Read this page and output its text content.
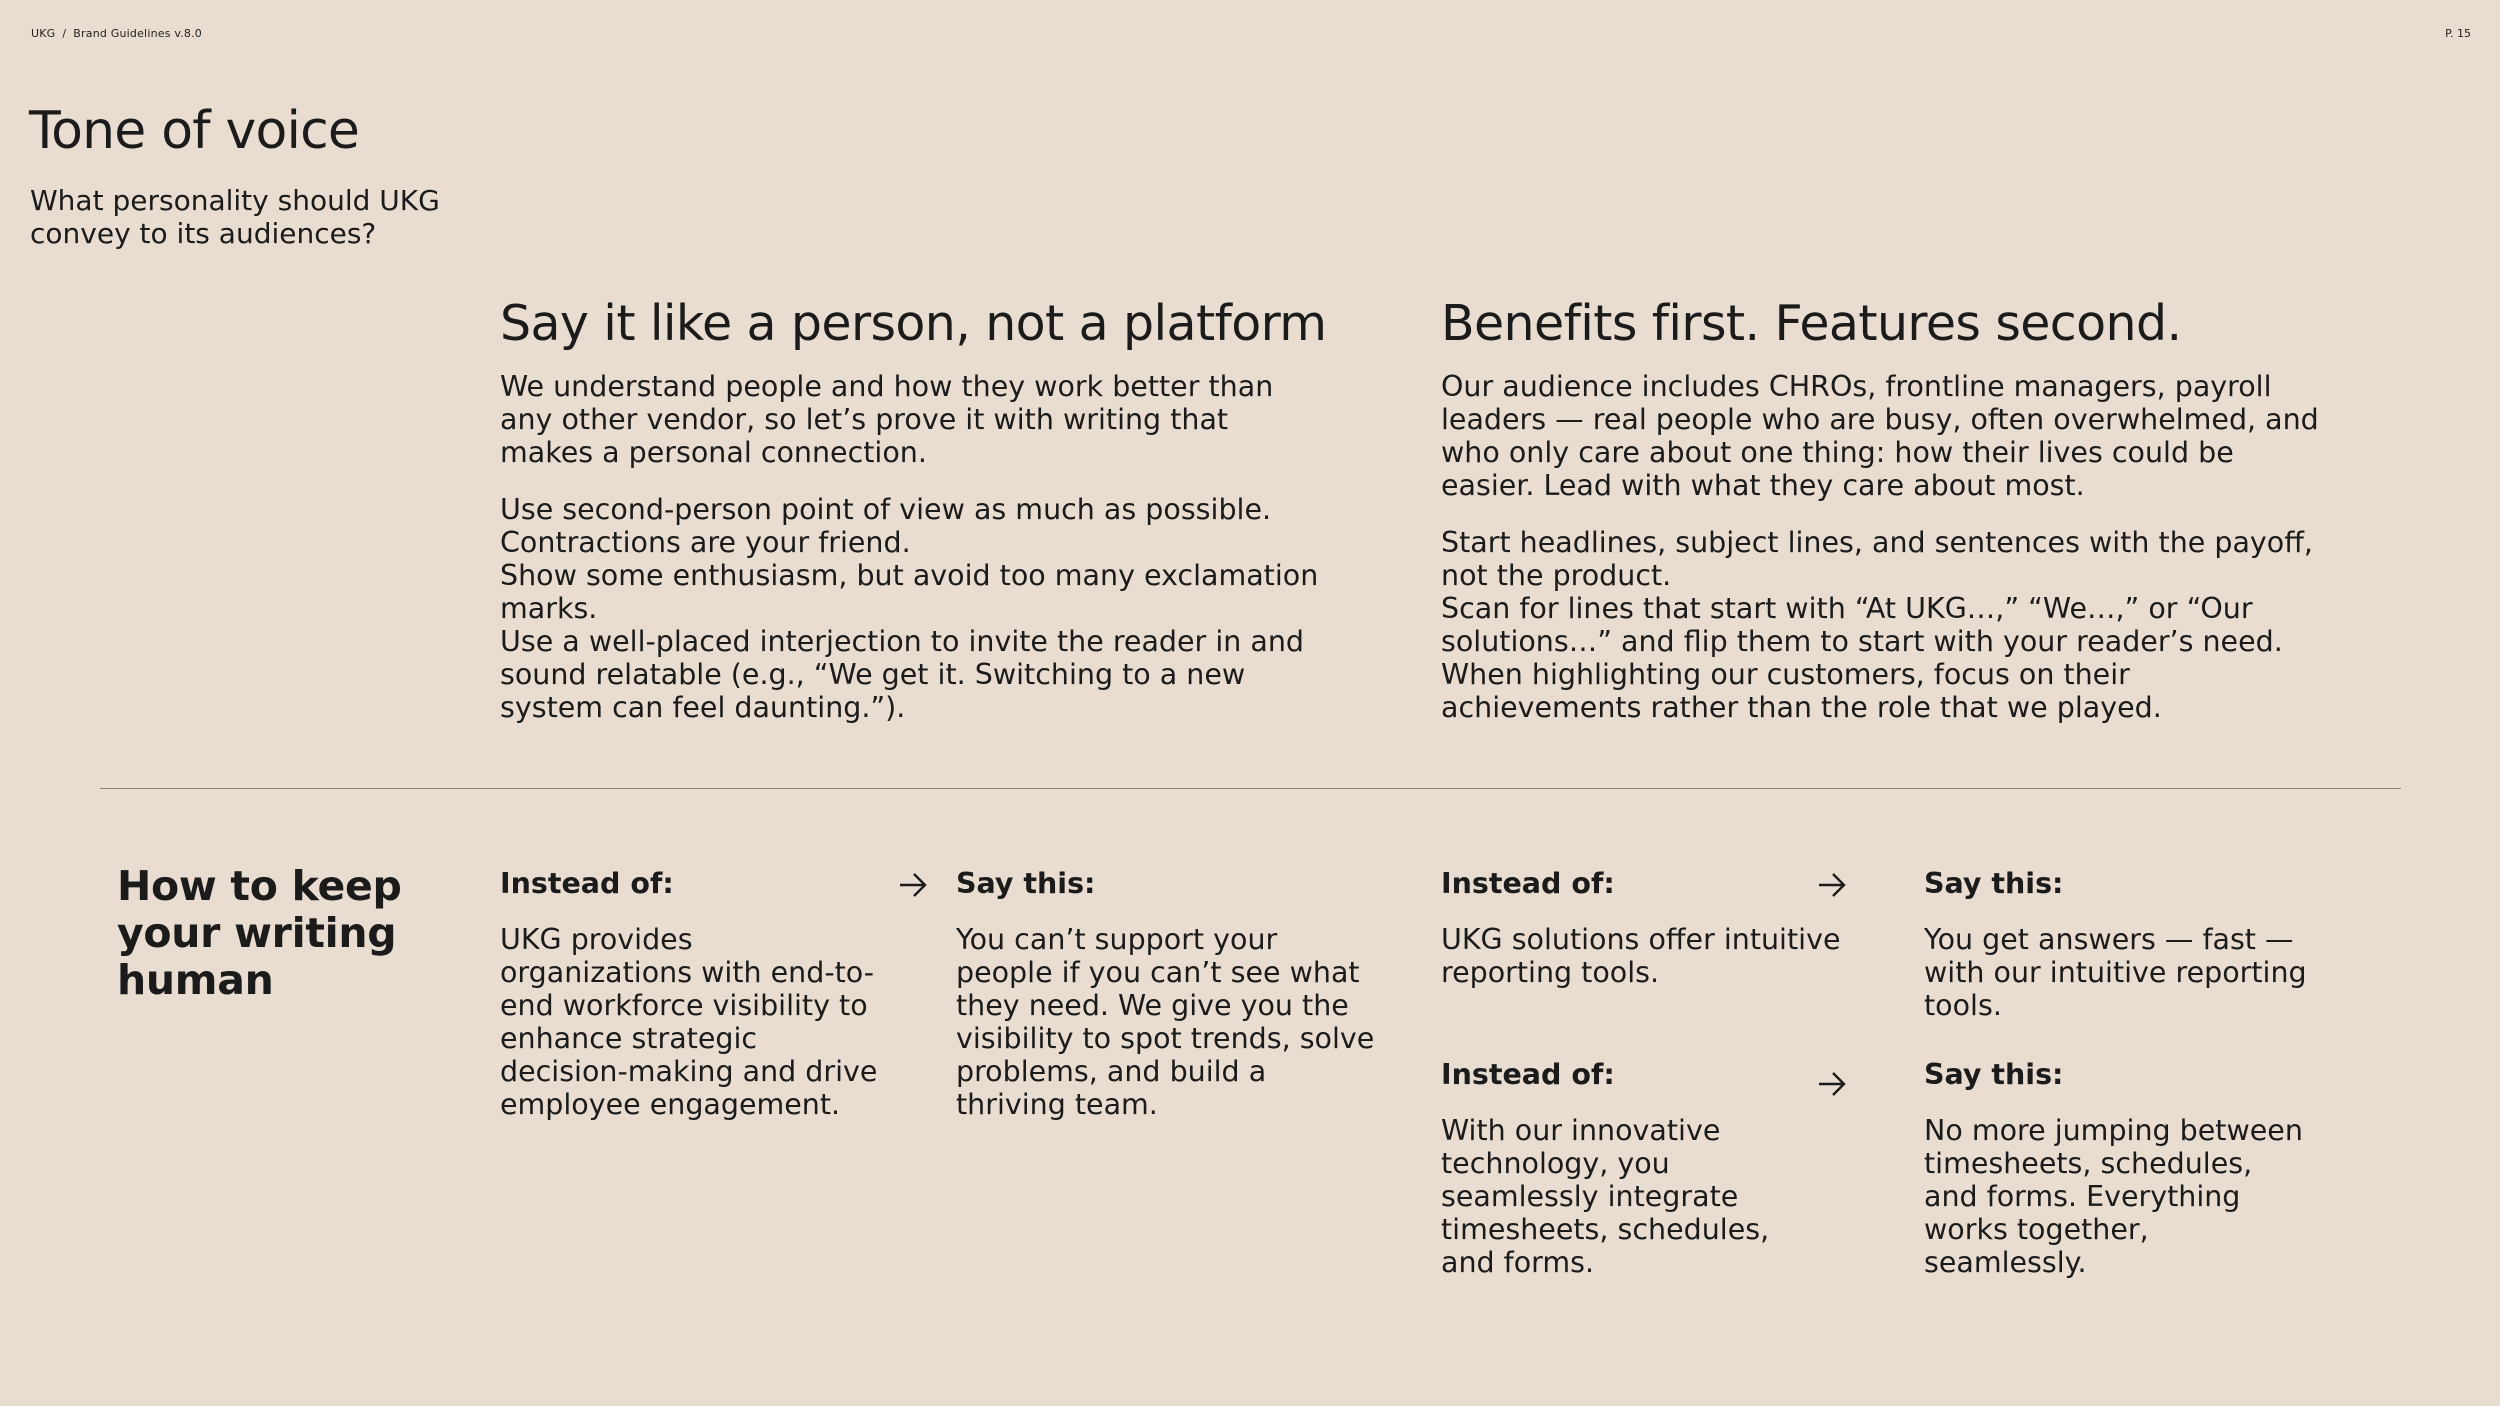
UKG / Brand Guidelines v.8.0	P. 15
Tone of voice

What personality should UKG convey to its audiences?

Say it like a person, not a platform

We understand people and how they work better than any other vendor, so let’s prove it with writing that makes a personal connection.

Use second-person point of view as much as possible.
Contractions are your friend.
Show some enthusiasm, but avoid too many exclamation marks.
Use a well-placed interjection to invite the reader in and sound relatable (e.g., “We get it. Switching to a new system can feel daunting.”).

Benefits first. Features second.

Our audience includes CHROs, frontline managers, payroll leaders — real people who are busy, often overwhelmed, and who only care about one thing: how their lives could be easier. Lead with what they care about most.

Start headlines, subject lines, and sentences with the payoff, not the product.
Scan for lines that start with “At UKG…,” “We…,” or “Our solutions…” and flip them to start with your reader’s need.
When highlighting our customers, focus on their achievements rather than the role that we played.

How to keep your writing human

Instead of:

UKG provides organizations with end-to-end workforce visibility to enhance strategic decision-making and drive employee engagement.

Say this:

You can’t support your people if you can’t see what they need. We give you the visibility to spot trends, solve problems, and build a thriving team.

Instead of:

UKG solutions offer intuitive reporting tools.

Say this:

You get answers — fast — with our intuitive reporting tools.

Instead of:

With our innovative technology, you seamlessly integrate timesheets, schedules, and forms.

Say this:

No more jumping between timesheets, schedules, and forms. Everything works together, seamlessly.
